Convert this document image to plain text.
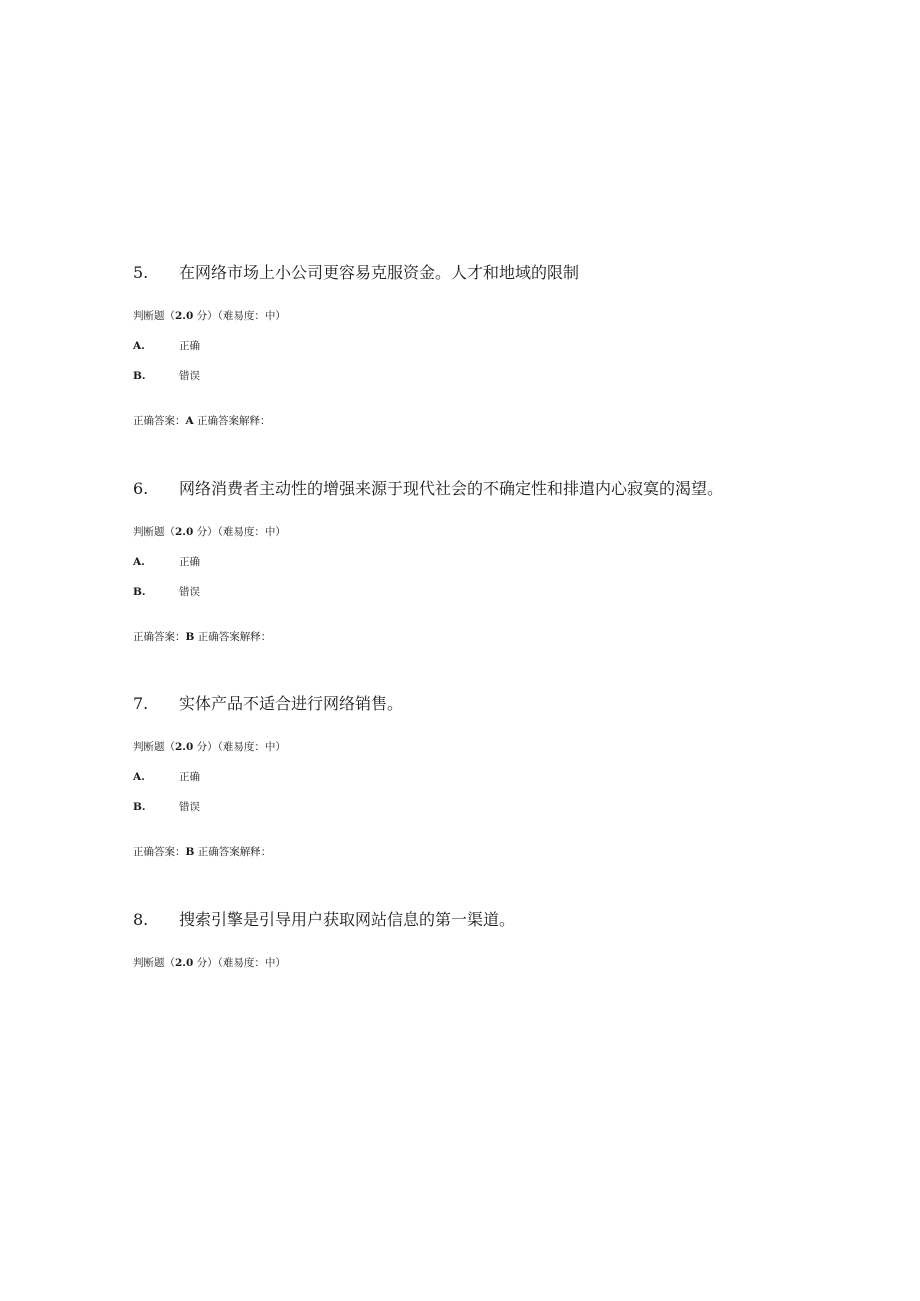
5. 在网络市场上小公司更容易克服资金。人才和地域的限制
判断题（2.0 分）（难易度：中）
A.	正确
B.	错误
正确答案：A 正确答案解释：
6. 网络消费者主动性的增强来源于现代社会的不确定性和排遣内心寂寞的渴望。
判断题（2.0 分）（难易度：中）
A.	正确
B.	错误
正确答案：B 正确答案解释：
7. 实体产品不适合进行网络销售。
判断题（2.0 分）（难易度：中）
A.	正确
B.	错误
正确答案：B 正确答案解释：
8. 搜索引擎是引导用户获取网站信息的第一渠道。
判断题（2.0 分）（难易度：中）
